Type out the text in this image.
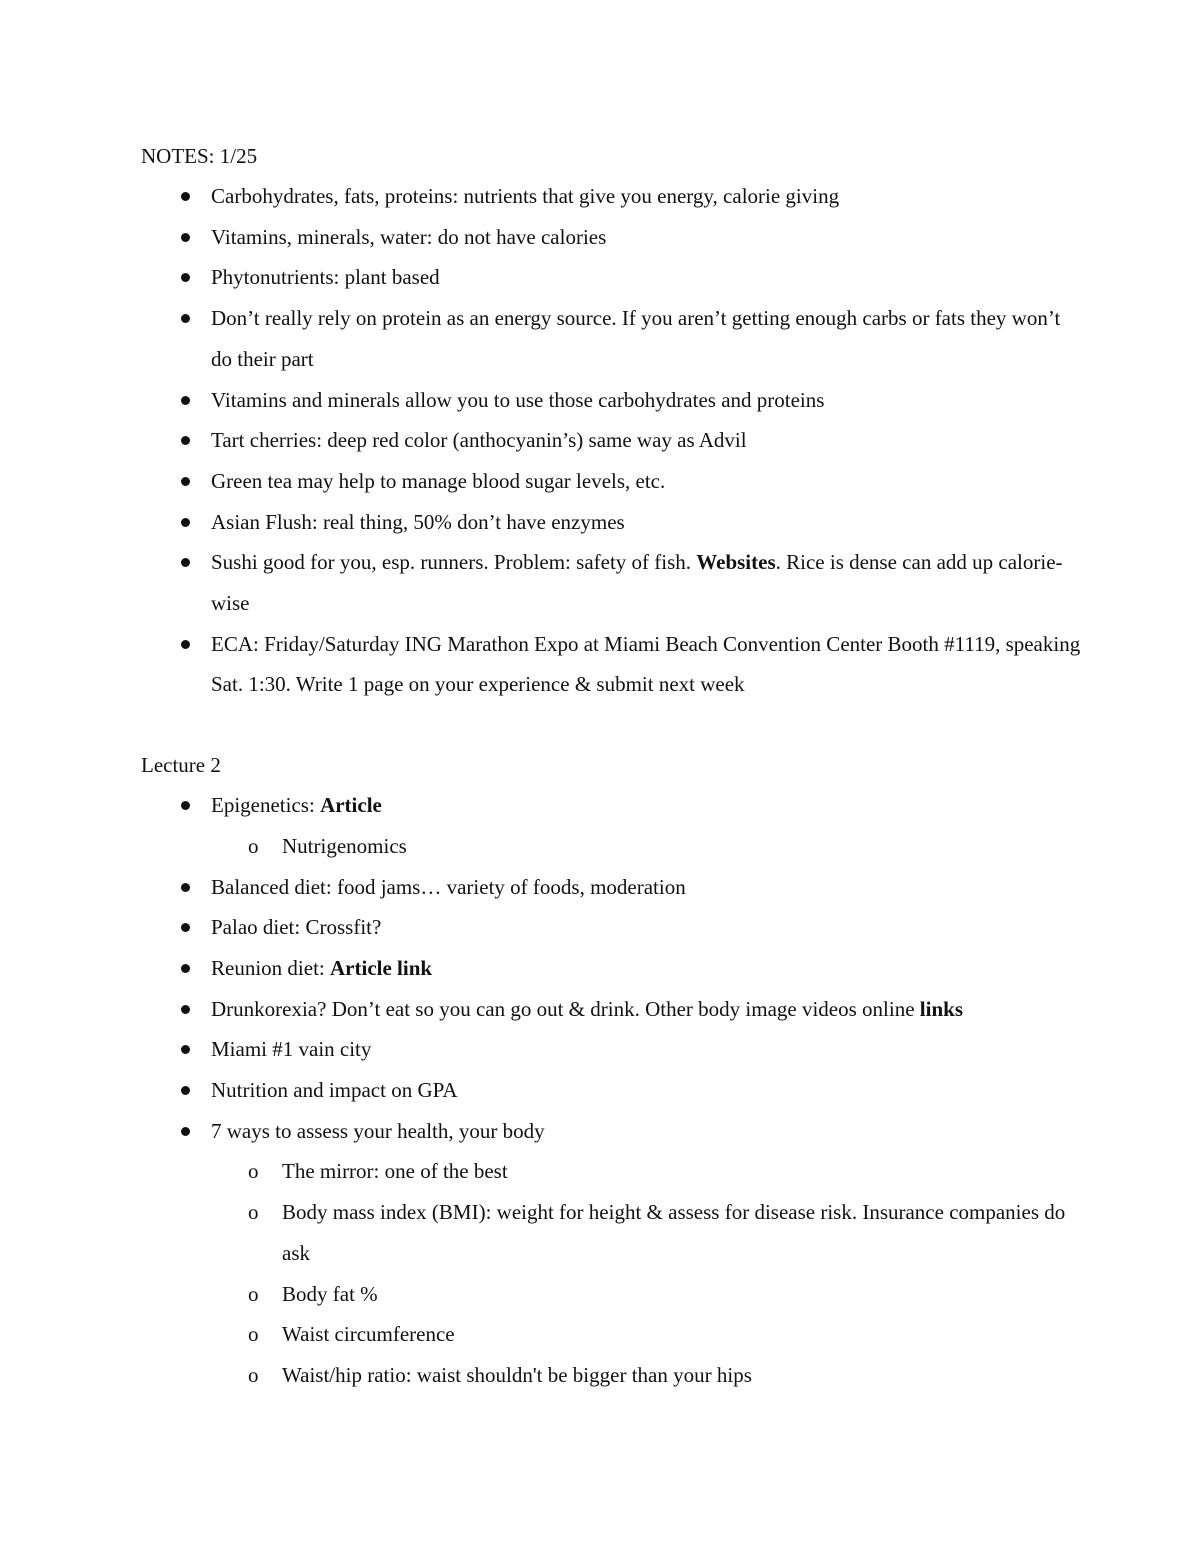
NOTES: 1/25

Carbohydrates, fats, proteins: nutrients that give you energy, calorie giving
Vitamins, minerals, water: do not have calories
Phytonutrients: plant based
Don’t really rely on protein as an energy source. If you aren’t getting enough carbs or fats they won’t do their part
Vitamins and minerals allow you to use those carbohydrates and proteins
Tart cherries: deep red color (anthocyanin’s) same way as Advil
Green tea may help to manage blood sugar levels, etc.
Asian Flush: real thing, 50% don’t have enzymes
Sushi good for you, esp. runners. Problem: safety of fish. Websites. Rice is dense can add up calorie-wise
ECA: Friday/Saturday ING Marathon Expo at Miami Beach Convention Center Booth #1119, speaking Sat. 1:30. Write 1 page on your experience & submit next week

Lecture 2

Epigenetics: Article
o Nutrigenomics
Balanced diet: food jams… variety of foods, moderation
Palao diet: Crossfit?
Reunion diet: Article link
Drunkorexia? Don’t eat so you can go out & drink. Other body image videos online links
Miami #1 vain city
Nutrition and impact on GPA
7 ways to assess your health, your body
o The mirror: one of the best
o Body mass index (BMI): weight for height & assess for disease risk. Insurance companies do ask
o Body fat %
o Waist circumference
o Waist/hip ratio: waist shouldn't be bigger than your hips
